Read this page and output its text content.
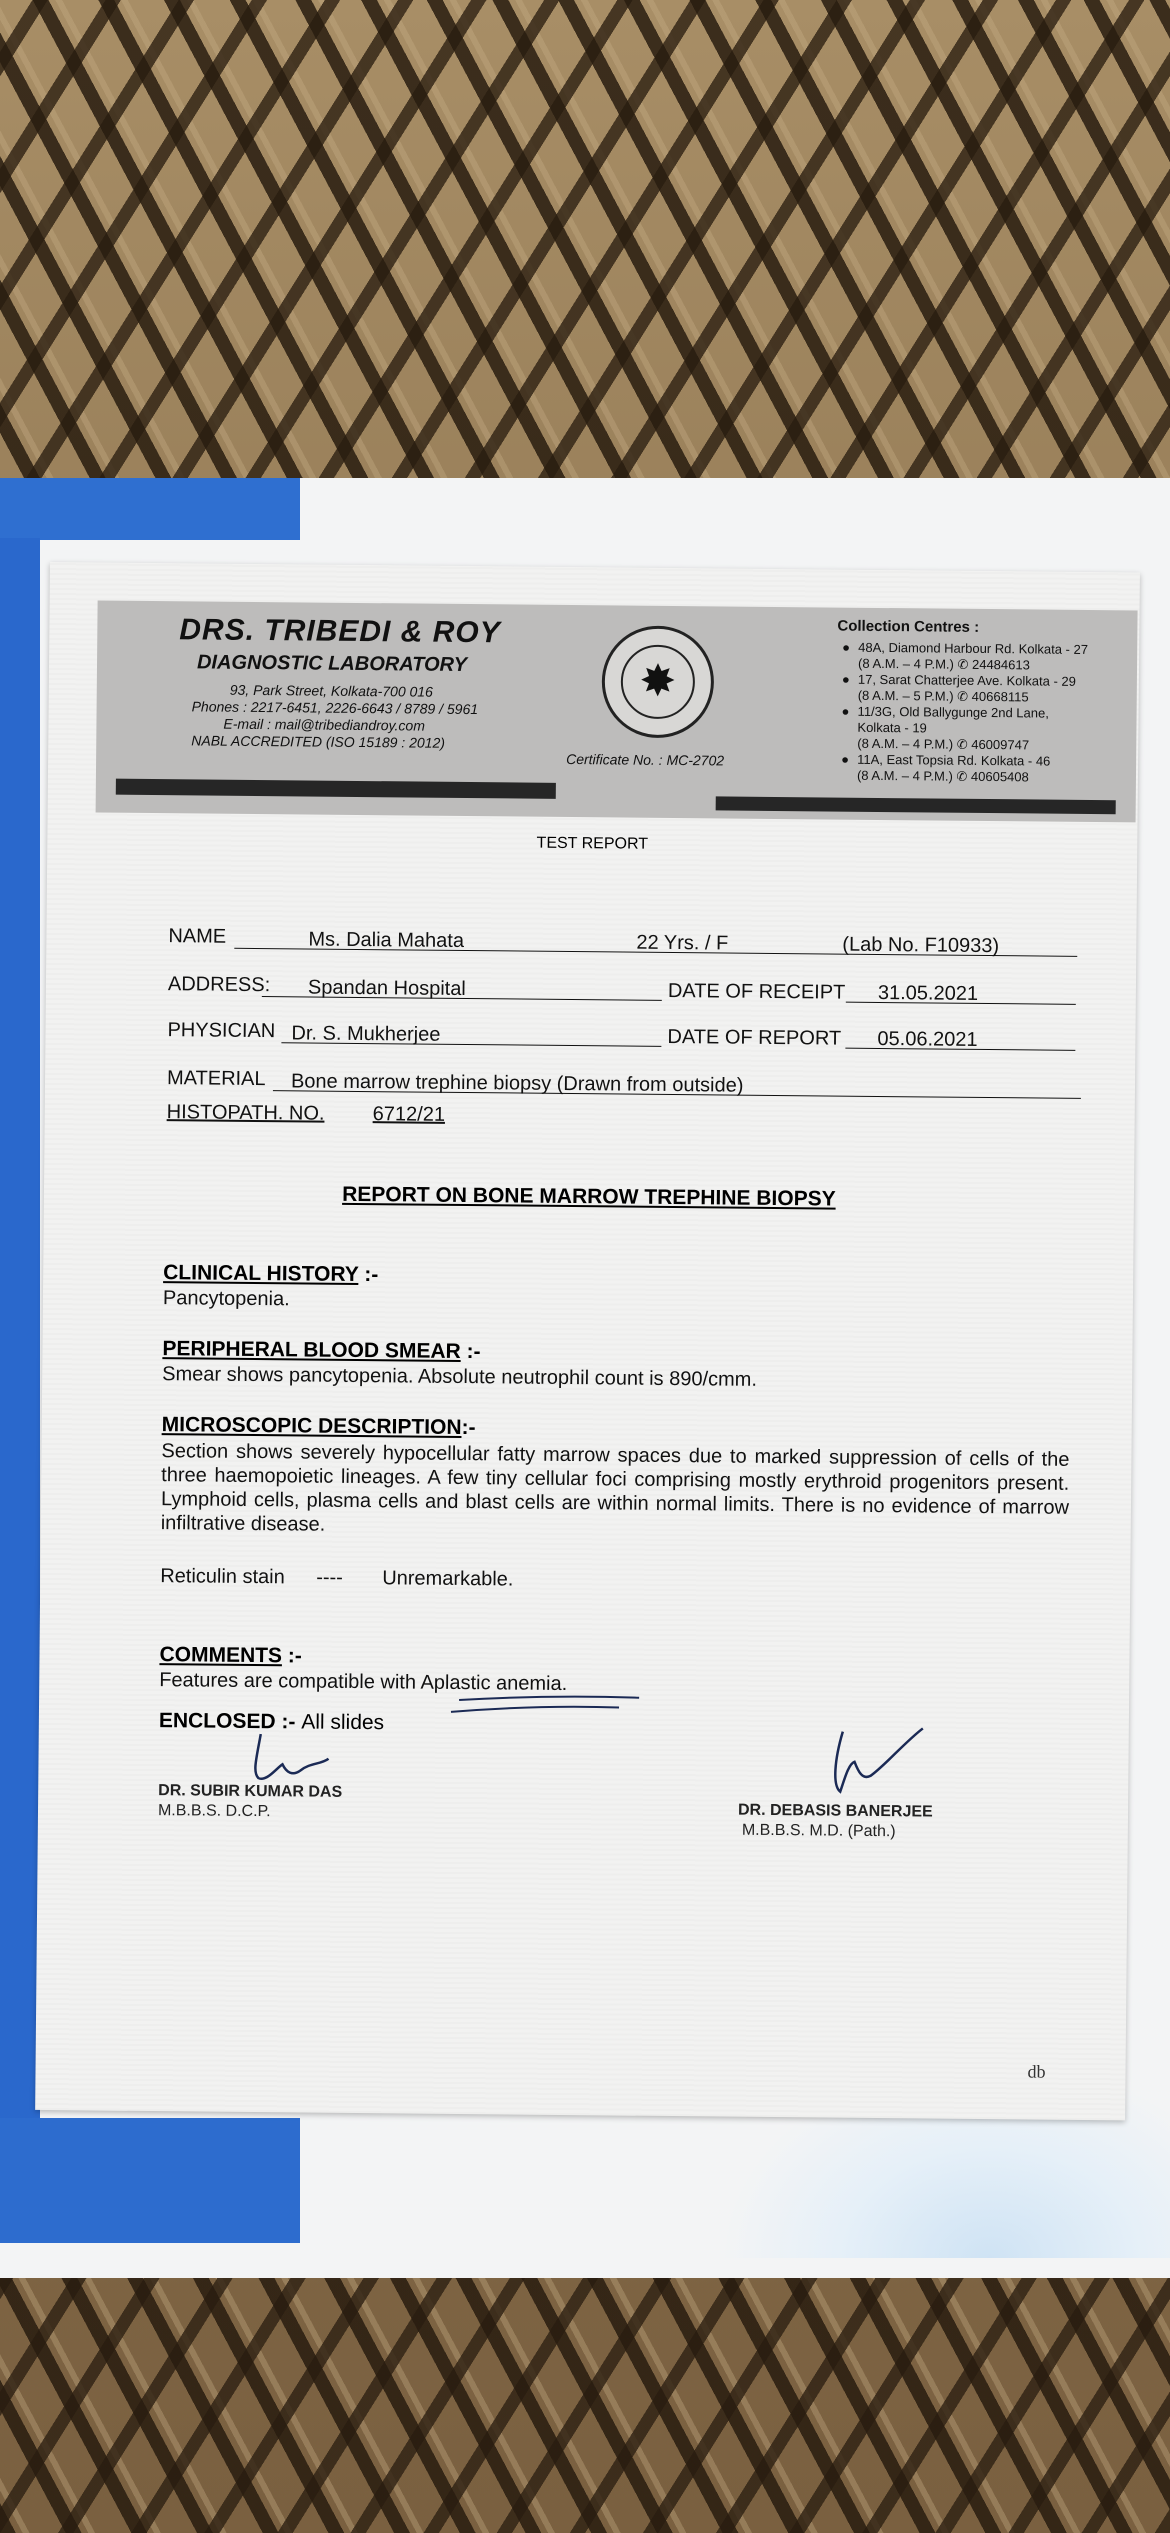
DRS. TRIBEDI & ROY
DIAGNOSTIC LABORATORY
93, Park Street, Kolkata-700 016
Phones : 2217-6451, 2226-6643 / 8789 / 5961
E-mail : mail@tribediandroy.com
NABL ACCREDITED (ISO 15189 : 2012)
✸
Certificate No. : MC-2702
Collection Centres :
● 48A, Diamond Harbour Rd. Kolkata - 27
(8 A.M. – 4 P.M.) ✆ 24484613
● 17, Sarat Chatterjee Ave. Kolkata - 29
(8 A.M. – 5 P.M.) ✆ 40668115
● 11/3G, Old Ballygunge 2nd Lane,
Kolkata - 19
(8 A.M. – 4 P.M.) ✆ 46009747
● 11A, East Topsia Rd. Kolkata - 46
(8 A.M. – 4 P.M.) ✆ 40605408
TEST REPORT
NAME	Ms. Dalia Mahata	22 Yrs. / F	(Lab No. F10933)
ADDRESS: Spandan Hospital	DATE OF RECEIPT 31.05.2021
PHYSICIAN Dr. S. Mukherjee	DATE OF REPORT 05.06.2021
MATERIAL Bone marrow trephine biopsy (Drawn from outside)
HISTOPATH. NO. 6712/21
REPORT ON BONE MARROW TREPHINE BIOPSY
CLINICAL HISTORY :-
Pancytopenia.
PERIPHERAL BLOOD SMEAR :-
Smear shows pancytopenia. Absolute neutrophil count is 890/cmm.
MICROSCOPIC DESCRIPTION:-
Section shows severely hypocellular fatty marrow spaces due to marked suppression of cells of the three haemopoietic lineages. A few tiny cellular foci comprising mostly erythroid progenitors present. Lymphoid cells, plasma cells and blast cells are within normal limits. There is no evidence of marrow infiltrative disease.
Reticulin stain ---- Unremarkable.
COMMENTS :-
Features are compatible with Aplastic anemia.
ENCLOSED :- All slides
DR. SUBIR KUMAR DAS
M.B.B.S. D.C.P.	DR. DEBASIS BANERJEE
M.B.B.S. M.D. (Path.)
db
